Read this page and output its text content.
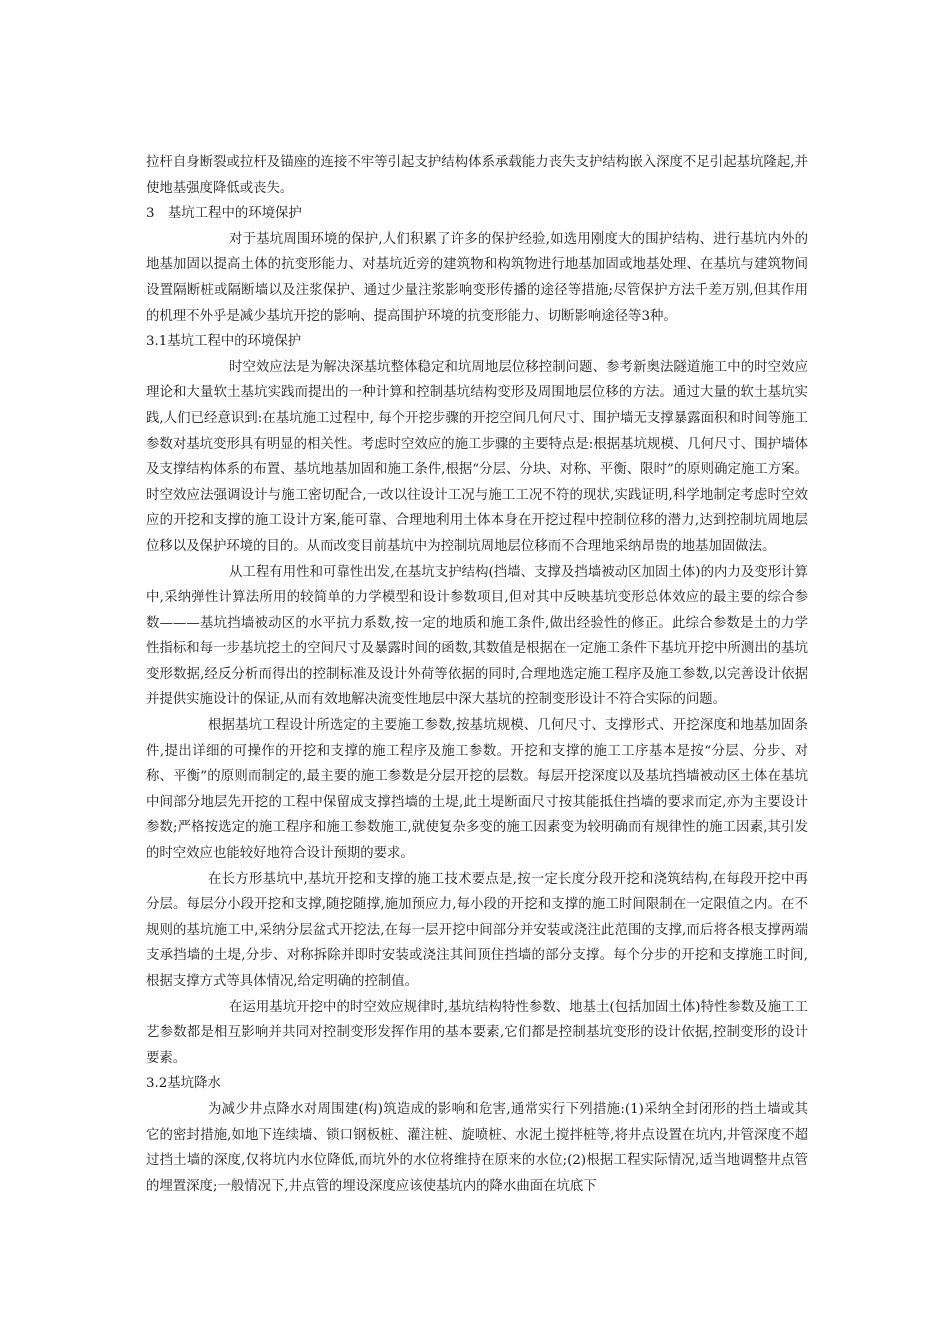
拉杆自身断裂或拉杆及锚座的连接不牢等引起支护结构体系承载能力丧失支护结构嵌入深度不足引起基坑隆起,并使地基强度降低或丧失。

3　基坑工程中的环境保护

对于基坑周围环境的保护,人们积累了许多的保护经验,如选用刚度大的围护结构、进行基坑内外的地基加固以提高土体的抗变形能力、对基坑近旁的建筑物和构筑物进行地基加固或地基处理、在基坑与建筑物间设置隔断桩或隔断墙以及注浆保护、通过少量注浆影响变形传播的途径等措施;尽管保护方法千差万别,但其作用的机理不外乎是减少基坑开挖的影响、提高围护环境的抗变形能力、切断影响途径等3种。

3.1基坑工程中的环境保护

时空效应法是为解决深基坑整体稳定和坑周地层位移控制问题、参考新奥法隧道施工中的时空效应理论和大量软土基坑实践而提出的一种计算和控制基坑结构变形及周围地层位移的方法。通过大量的软土基坑实践,人们已经意识到:在基坑施工过程中, 每个开挖步骤的开挖空间几何尺寸、围护墙无支撑暴露面积和时间等施工参数对基坑变形具有明显的相关性。考虑时空效应的施工步骤的主要特点是:根据基坑规模、几何尺寸、围护墙体及支撑结构体系的布置、基坑地基加固和施工条件,根据“分层、分块、对称、平衡、限时”的原则确定施工方案。时空效应法强调设计与施工密切配合,一改以往设计工况与施工工况不符的现状,实践证明,科学地制定考虑时空效应的开挖和支撑的施工设计方案,能可靠、合理地利用土体本身在开挖过程中控制位移的潜力,达到控制坑周地层位移以及保护环境的目的。从而改变目前基坑中为控制坑周地层位移而不合理地采纳昂贵的地基加固做法。

从工程有用性和可靠性出发,在基坑支护结构(挡墙、支撑及挡墙被动区加固土体)的内力及变形计算中,采纳弹性计算法所用的较简单的力学模型和设计参数项目,但对其中反映基坑变形总体效应的最主要的综合参数———基坑挡墙被动区的水平抗力系数,按一定的地质和施工条件,做出经验性的修正。此综合参数是土的力学性指标和每一步基坑挖土的空间尺寸及暴露时间的函数,其数值是根据在一定施工条件下基坑开挖中所测出的基坑变形数据,经反分析而得出的控制标准及设计外荷等依据的同时,合理地选定施工程序及施工参数,以完善设计依据并提供实施设计的保证,从而有效地解决流变性地层中深大基坑的控制变形设计不符合实际的问题。

根据基坑工程设计所选定的主要施工参数,按基坑规模、几何尺寸、支撑形式、开挖深度和地基加固条件,提出详细的可操作的开挖和支撑的施工程序及施工参数。开挖和支撑的施工工序基本是按“分层、分步、对称、平衡”的原则而制定的,最主要的施工参数是分层开挖的层数。每层开挖深度以及基坑挡墙被动区土体在基坑中间部分地层先开挖的工程中保留成支撑挡墙的土堤,此土堤断面尺寸按其能抵住挡墙的要求而定,亦为主要设计参数;严格按选定的施工程序和施工参数施工,就使复杂多变的施工因素变为较明确而有规律性的施工因素,其引发的时空效应也能较好地符合设计预期的要求。

在长方形基坑中,基坑开挖和支撑的施工技术要点是,按一定长度分段开挖和浇筑结构,在每段开挖中再分层。每层分小段开挖和支撑,随挖随撑,施加预应力,每小段的开挖和支撑的施工时间限制在一定限值之内。在不规则的基坑施工中,采纳分层盆式开挖法,在每一层开挖中间部分并安装或浇注此范围的支撑,而后将各根支撑两端支承挡墙的土堤,分步、对称拆除并即时安装或浇注其间顶住挡墙的部分支撑。每个分步的开挖和支撑施工时间,根据支撑方式等具体情况,给定明确的控制值。

在运用基坑开挖中的时空效应规律时,基坑结构特性参数、地基土(包括加固土体)特性参数及施工工艺参数都是相互影响并共同对控制变形发挥作用的基本要素,它们都是控制基坑变形的设计依据,控制变形的设计要素。

3.2基坑降水

为减少井点降水对周围建(构)筑造成的影响和危害,通常实行下列措施:(1)采纳全封闭形的挡土墙或其它的密封措施,如地下连续墙、锁口钢板桩、灌注桩、旋喷桩、水泥土搅拌桩等,将井点设置在坑内,井管深度不超过挡土墙的深度,仅将坑内水位降低,而坑外的水位将维持在原来的水位;(2)根据工程实际情况,适当地调整井点管的埋置深度;一般情况下,井点管的埋设深度应该使基坑内的降水曲面在坑底下
